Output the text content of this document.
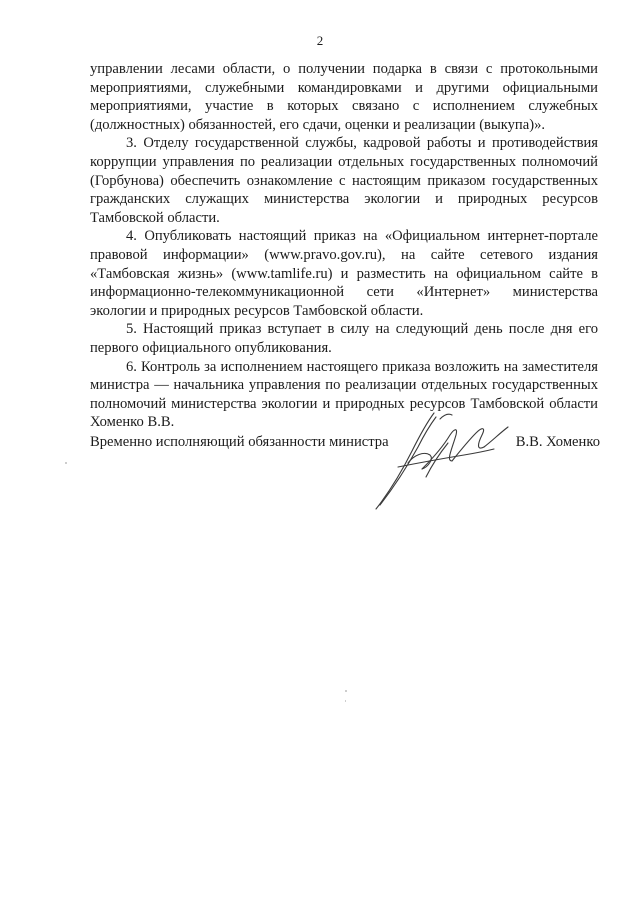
2

управлении лесами области, о получении подарка в связи с протокольными мероприятиями, служебными командировками и другими официальными мероприятиями, участие в которых связано с исполнением служебных (должностных) обязанностей, его сдачи, оценки и реализации (выкупа)».

3. Отделу государственной службы, кадровой работы и противодействия коррупции управления по реализации отдельных государственных полномочий (Горбунова) обеспечить ознакомление с настоящим приказом государственных гражданских служащих министерства экологии и природных ресурсов Тамбовской области.

4. Опубликовать настоящий приказ на «Официальном интернет-портале правовой информации» (www.pravo.gov.ru), на сайте сетевого издания «Тамбовская жизнь» (www.tamlife.ru) и разместить на официальном сайте в информационно-телекоммуникационной сети «Интернет» министерства экологии и природных ресурсов Тамбовской области.

5. Настоящий приказ вступает в силу на следующий день после дня его первого официального опубликования.

6. Контроль за исполнением настоящего приказа возложить на заместителя министра — начальника управления по реализации отдельных государственных полномочий министерства экологии и природных ресурсов Тамбовской области Хоменко В.В.

Временно исполняющий обязанности министра	В.В. Хоменко
